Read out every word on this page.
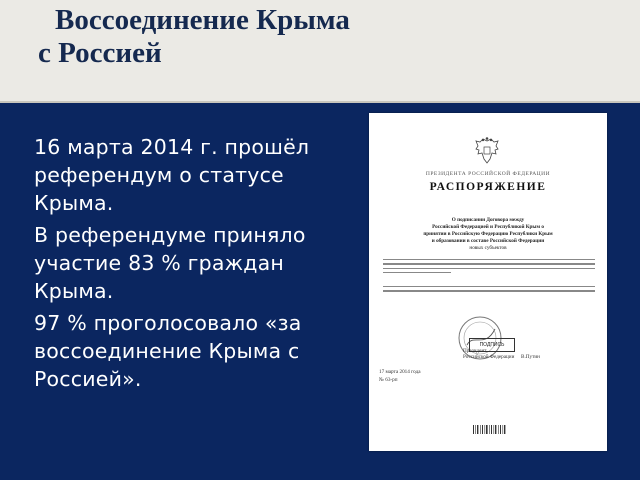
Воссоединение Крыма
с Россией
16 марта 2014 г. прошёл референдум о статусе Крыма.
В референдуме приняло участие 83 % граждан Крыма.
97 % проголосовало «за воссоединение Крыма с Россией».
ПРЕЗИДЕНТА РОССИЙСКОЙ ФЕДЕРАЦИИ
РАСПОРЯЖЕНИЕ
О подписании Договора между
Российской Федерацией и Республикой Крым о
принятии в Российскую Федерацию Республики Крым
и образовании в составе Российской Федерации
новых субъектов
ПОДПИСЬ
Президент
Российской Федерации В.Путин
17 марта 2014 года
№ 63-рп
